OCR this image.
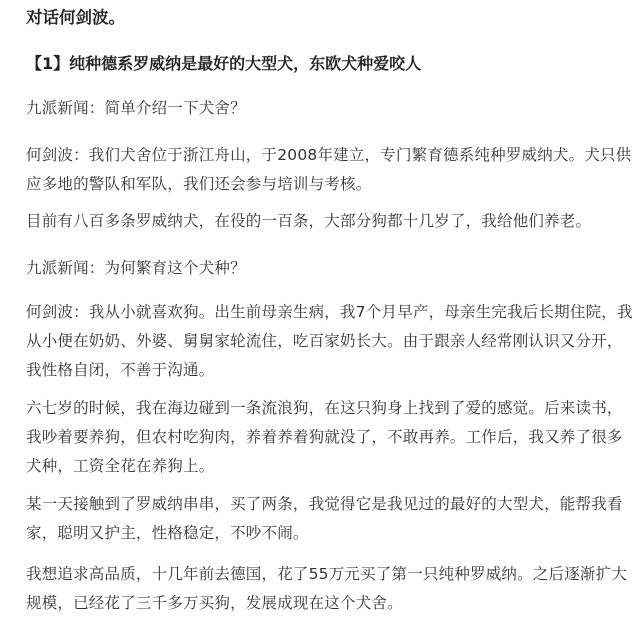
对话何剑波。
【1】纯种德系罗威纳是最好的大型犬，东欧犬种爱咬人

九派新闻：简单介绍一下犬舍？

何剑波：我们犬舍位于浙江舟山，于2008年建立，专门繁育德系纯种罗威纳犬。犬只供
应多地的警队和军队，我们还会参与培训与考核。

目前有八百多条罗威纳犬，在役的一百条，大部分狗都十几岁了，我给他们养老。

九派新闻：为何繁育这个犬种？

何剑波：我从小就喜欢狗。出生前母亲生病，我7个月早产，母亲生完我后长期住院，我
从小便在奶奶、外婆、舅舅家轮流住，吃百家奶长大。由于跟亲人经常刚认识又分开，
我性格自闭，不善于沟通。

六七岁的时候，我在海边碰到一条流浪狗，在这只狗身上找到了爱的感觉。后来读书，
我吵着要养狗，但农村吃狗肉，养着养着狗就没了，不敢再养。工作后，我又养了很多
犬种，工资全花在养狗上。

某一天接触到了罗威纳串串，买了两条，我觉得它是我见过的最好的大型犬，能帮我看
家，聪明又护主，性格稳定，不吵不闹。

我想追求高品质，十几年前去德国，花了55万元买了第一只纯种罗威纳。之后逐渐扩大
规模，已经花了三千多万买狗，发展成现在这个犬舍。
